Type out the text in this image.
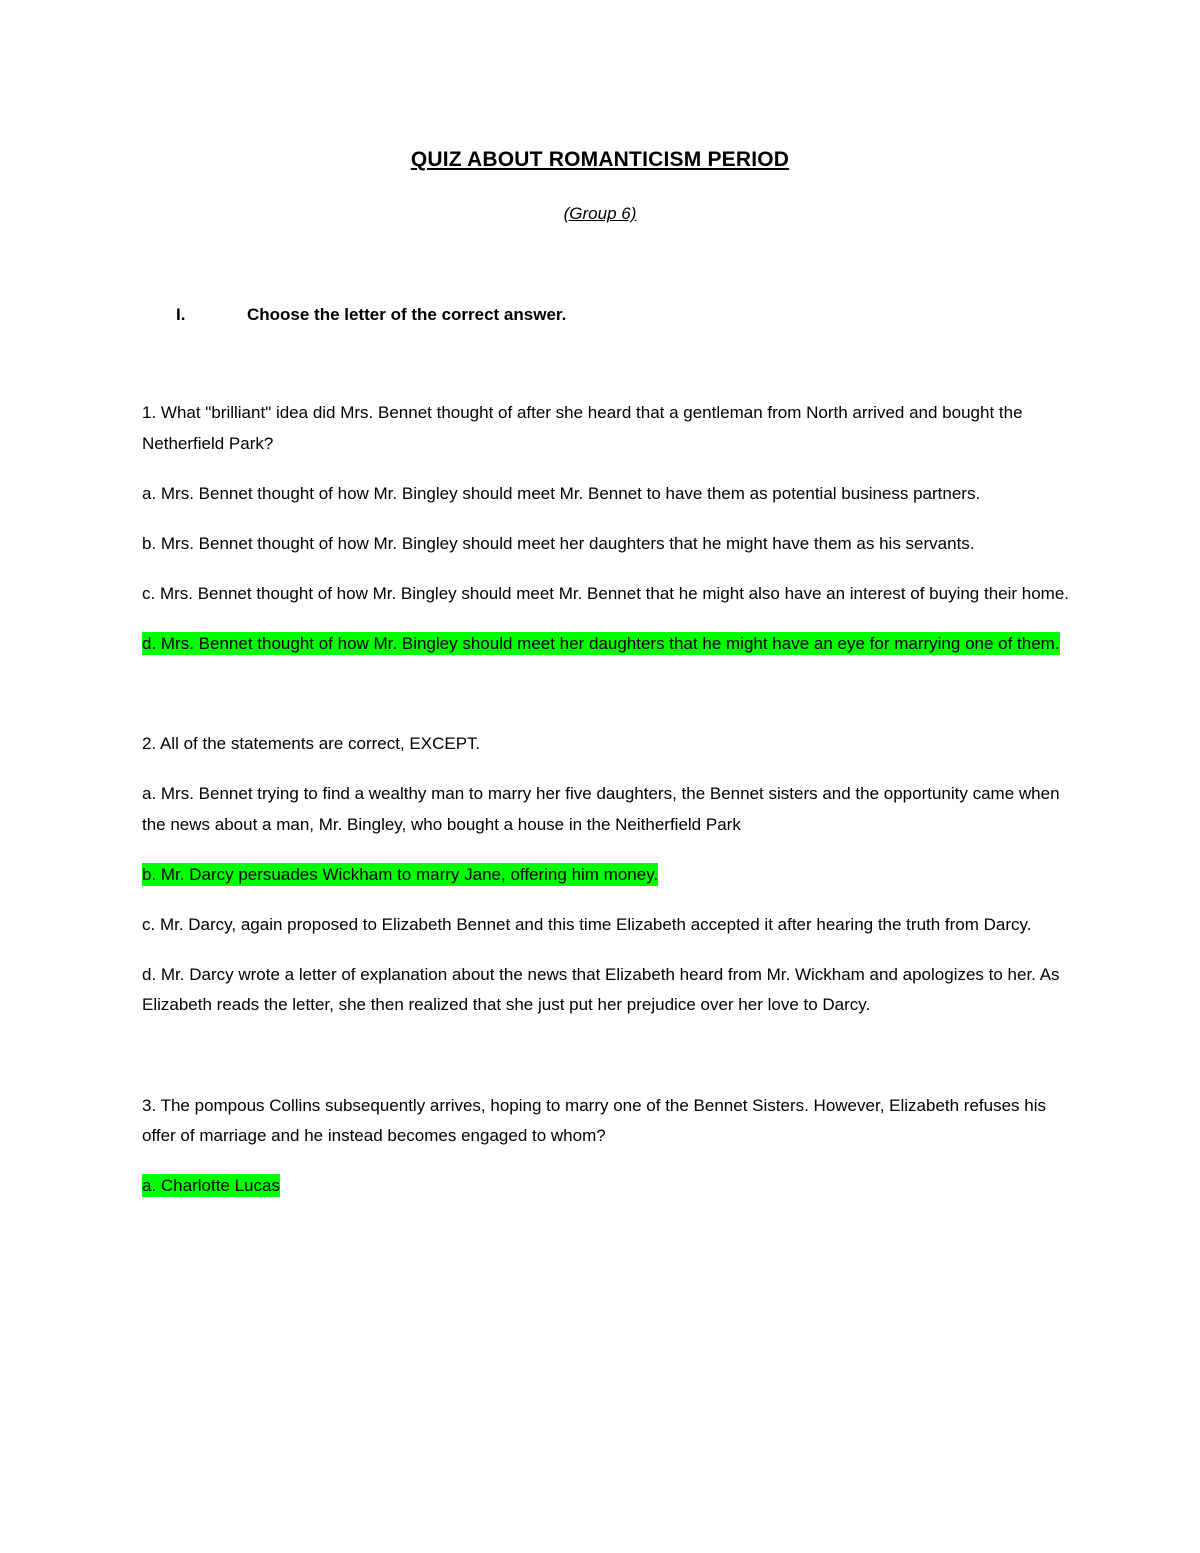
QUIZ ABOUT ROMANTICISM PERIOD
(Group 6)
I.	Choose the letter of the correct answer.

1. What "brilliant" idea did Mrs. Bennet thought of after she heard that a gentleman from North arrived and bought the Netherfield Park?

a. Mrs. Bennet thought of how Mr. Bingley should meet Mr. Bennet to have them as potential business partners.

b. Mrs. Bennet thought of how Mr. Bingley should meet her daughters that he might have them as his servants.

c. Mrs. Bennet thought of how Mr. Bingley should meet Mr. Bennet that he might also have an interest of buying their home.

d. Mrs. Bennet thought of how Mr. Bingley should meet her daughters that he might have an eye for marrying one of them.

2. All of the statements are correct, EXCEPT.

a. Mrs. Bennet trying to find a wealthy man to marry her five daughters, the Bennet sisters and the opportunity came when the news about a man, Mr. Bingley, who bought a house in the Neitherfield Park

b. Mr. Darcy persuades Wickham to marry Jane, offering him money.

c. Mr. Darcy, again proposed to Elizabeth Bennet and this time Elizabeth accepted it after hearing the truth from Darcy.

d. Mr. Darcy wrote a letter of explanation about the news that Elizabeth heard from Mr. Wickham and apologizes to her. As Elizabeth reads the letter, she then realized that she just put her prejudice over her love to Darcy.

3. The pompous Collins subsequently arrives, hoping to marry one of the Bennet Sisters. However, Elizabeth refuses his offer of marriage and he instead becomes engaged to whom?

a. Charlotte Lucas
